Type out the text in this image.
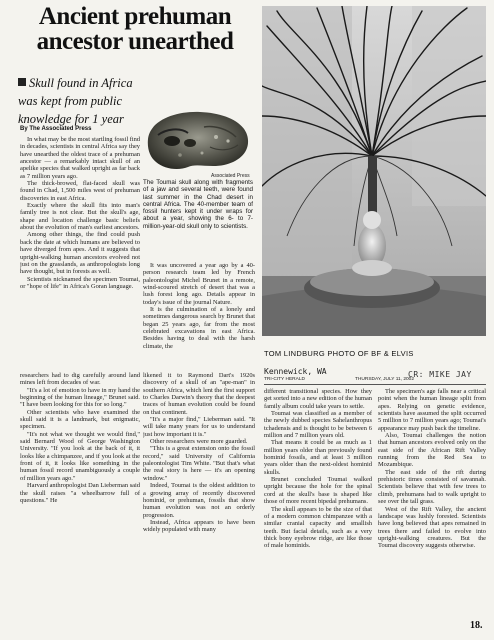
Ancient prehuman
ancestor unearthed
Skull found in Africa was kept from public knowledge for 1 year
By The Associated Press

In what may be the most startling fossil find in decades, scientists in central Africa say they have unearthed the oldest trace of a prehuman ancestor — a remarkably intact skull of an apelike species that walked upright as far back as 7 million years ago.

The thick-browed, flat-faced skull was found in Chad, 1,500 miles west of prehuman discoveries in east Africa.

Exactly where the skull fits into man's family tree is not clear. But the skull's age, shape and location challenge basic beliefs about the evolution of man's earliest ancestors.

Among other things, the find could push back the date at which humans are believed to have diverged from apes. And it suggests that upright-walking human ancestors evolved not just on the grasslands, as anthropologists long have thought, but in forests as well.

Scientists nicknamed the specimen Toumai, or "hope of life" in Africa's Goran language.

Associated Press
The Toumai skull along with fragments of a jaw and several teeth, were found last summer in the Chad desert in central Africa. The 40-member team of fossil hunters kept it under wraps for about a year, showing the 6- to 7-million-year-old skull only to scientists.

It was uncovered a year ago by a 40-person research team led by French paleontologist Michel Brunet in a remote, wind-scoured stretch of desert that was a lush forest long ago. Details appear in today's issue of the journal Nature.

It is the culmination of a lonely and sometimes dangerous search by Brunet that began 25 years ago, far from the most celebrated excavations in east Africa. Besides having to deal with the harsh climate, the

researchers had to dig carefully around land mines left from decades of war.

"It's a lot of emotion to have in my hand the beginning of the human lineage," Brunet said. "I have been looking for this for so long."

Other scientists who have examined the skull said it is a landmark, but enigmatic, specimen.

"It's not what we thought we would find," said Bernard Wood of George Washington University. "If you look at the back of it, it looks like a chimpanzee, and if you look at the front of it, it looks like something in the human fossil record unambiguously a couple of million years ago."

Harvard anthropologist Dan Lieberman said the skull raises "a wheelbarrow full of questions." He

likened it to Raymond Dart's 1920s discovery of a skull of an "ape-man" in southern Africa, which lent the first support to Charles Darwin's theory that the deepest traces of human evolution could be found on that continent.

"It's a major find," Lieberman said. "It will take many years for us to understand just how important it is."

Other researchers were more guarded.

"This is a great extension onto the fossil record," said University of California paleontologist Tim White. "But that's what the real story is here — it's an opening window."

Indeed, Toumai is the oldest addition to a growing array of recently discovered hominid, or prehuman, fossils that show human evolution was not an orderly progression.

Instead, Africa appears to have been widely populated with many

TOM LINDBURG PHOTO OF BF & ELVIS
Kennewick, WA
TRI-CITY HERALD	THURSDAY, JULY 11, 2002
CR: MIKE JAY

different transitional species. How they get sorted into a new edition of the human family album could take years to settle.

Toumai was classified as a member of the newly dubbed species Sahelanthropus tchadensis and is thought to be between 6 million and 7 million years old.

That means it could be as much as 1 million years older than previously found hominid fossils, and at least 3 million years older than the next-oldest hominid skulls.

Brunet concluded Toumai walked upright because the hole for the spinal cord at the skull's base is shaped like those of more recent bipedal prehumans.

The skull appears to be the size of that of a modern common chimpanzee with a similar cranial capacity and smallish teeth. But facial details, such as a very thick bony eyebrow ridge, are like those of male hominids.

The specimen's age falls near a critical point when the human lineage split from apes. Relying on genetic evidence, scientists have assumed the split occurred 5 million to 7 million years ago; Toumai's appearance may push back the timeline.

Also, Toumai challenges the notion that human ancestors evolved only on the east side of the African Rift Valley running from the Red Sea to Mozambique.

The east side of the rift during prehistoric times consisted of savannah. Scientists believe that with few trees to climb, prehumans had to walk upright to see over the tall grass.

West of the Rift Valley, the ancient landscape was lushly forested. Scientists have long believed that apes remained in trees there and failed to evolve into upright-walking creatures. But the Toumai discovery suggests otherwise.

18.
